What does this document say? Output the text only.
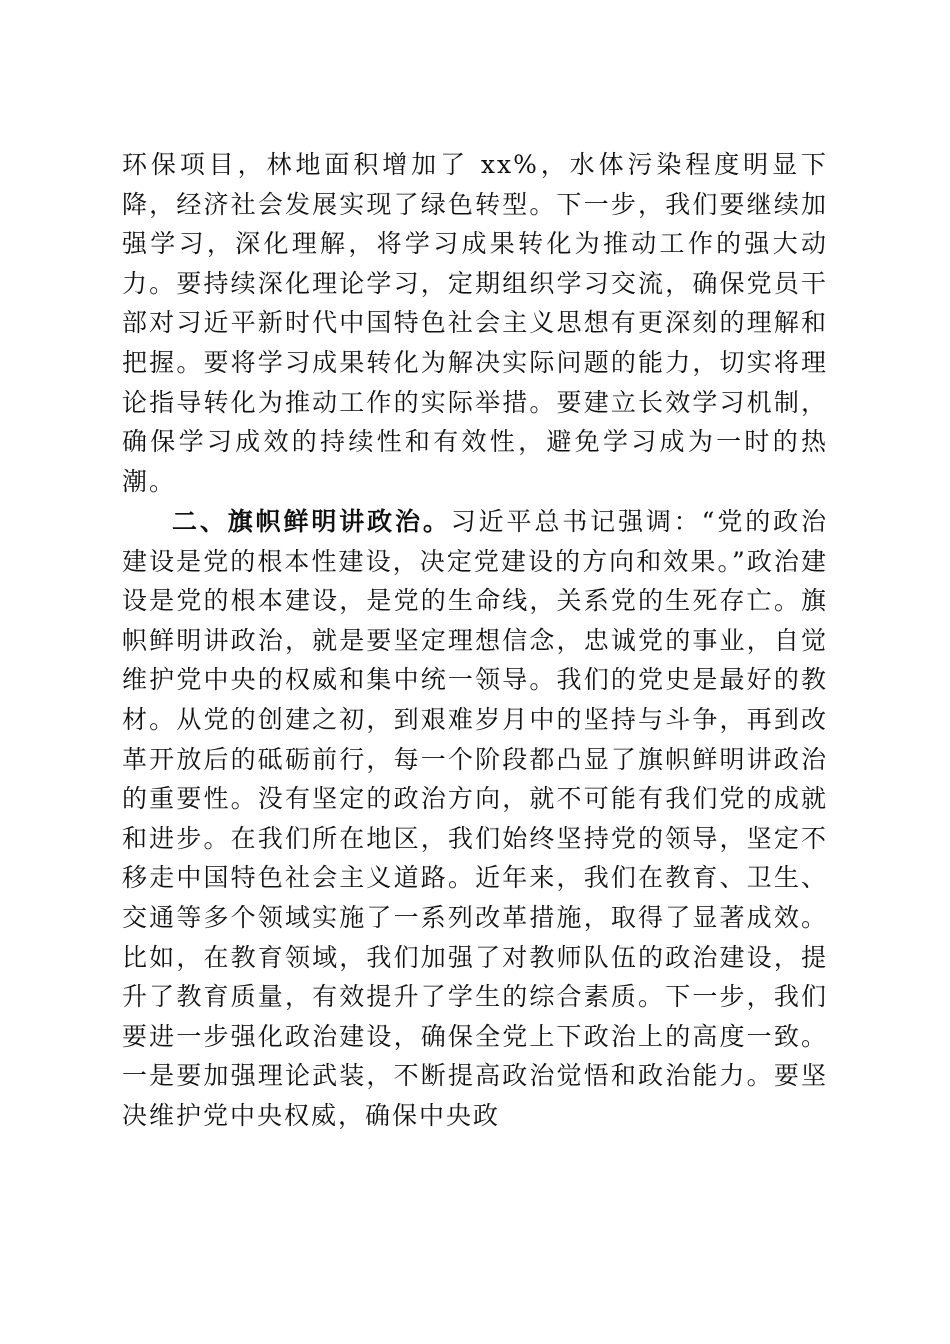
环保项目，林地面积增加了 xx%，水体污染程度明显下降，经济社会发展实现了绿色转型。下一步，我们要继续加强学习，深化理解，将学习成果转化为推动工作的强大动力。要持续深化理论学习，定期组织学习交流，确保党员干部对习近平新时代中国特色社会主义思想有更深刻的理解和把握。要将学习成果转化为解决实际问题的能力，切实将理论指导转化为推动工作的实际举措。要建立长效学习机制，确保学习成效的持续性和有效性，避免学习成为一时的热潮。

二、旗帜鲜明讲政治。习近平总书记强调：“党的政治建设是党的根本性建设，决定党建设的方向和效果。”政治建设是党的根本建设，是党的生命线，关系党的生死存亡。旗帜鲜明讲政治，就是要坚定理想信念，忠诚党的事业，自觉维护党中央的权威和集中统一领导。我们的党史是最好的教材。从党的创建之初，到艰难岁月中的坚持与斗争，再到改革开放后的砥砺前行，每一个阶段都凸显了旗帜鲜明讲政治的重要性。没有坚定的政治方向，就不可能有我们党的成就和进步。在我们所在地区，我们始终坚持党的领导，坚定不移走中国特色社会主义道路。近年来，我们在教育、卫生、交通等多个领域实施了一系列改革措施，取得了显著成效。比如，在教育领域，我们加强了对教师队伍的政治建设，提升了教育质量，有效提升了学生的综合素质。下一步，我们要进一步强化政治建设，确保全党上下政治上的高度一致。一是要加强理论武装，不断提高政治觉悟和政治能力。要坚决维护党中央权威，确保中央政
